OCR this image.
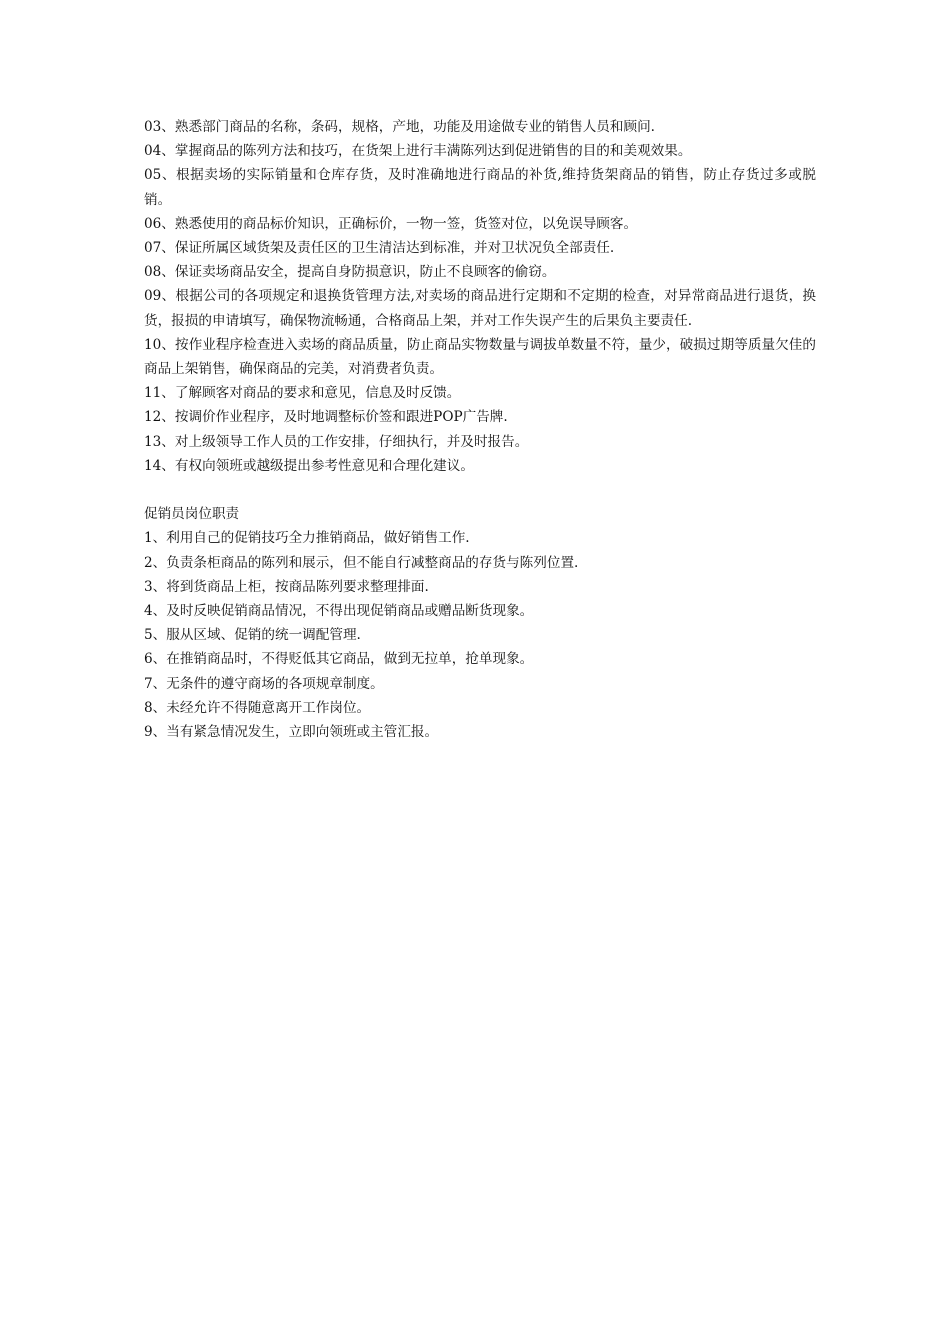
03、熟悉部门商品的名称，条码，规格，产地，功能及用途做专业的销售人员和顾问.

04、掌握商品的陈列方法和技巧，在货架上进行丰满陈列达到促进销售的目的和美观效果。

05、根据卖场的实际销量和仓库存货，及时准确地进行商品的补货,维持货架商品的销售，防止存货过多或脱销。

06、熟悉使用的商品标价知识，正确标价，一物一签，货签对位，以免误导顾客。

07、保证所属区域货架及责任区的卫生清洁达到标准，并对卫状况负全部责任.

08、保证卖场商品安全，提高自身防损意识，防止不良顾客的偷窃。

09、根据公司的各项规定和退换货管理方法,对卖场的商品进行定期和不定期的检查，对异常商品进行退货，换货，报损的申请填写，确保物流畅通，合格商品上架，并对工作失误产生的后果负主要责任.

10、按作业程序检查进入卖场的商品质量，防止商品实物数量与调拔单数量不符，量少，破损过期等质量欠佳的商品上架销售，确保商品的完美，对消费者负责。

11、了解顾客对商品的要求和意见，信息及时反馈。

12、按调价作业程序，及时地调整标价签和跟进POP广告牌.

13、对上级领导工作人员的工作安排，仔细执行，并及时报告。

14、有权向领班或越级提出参考性意见和合理化建议。

促销员岗位职责

1、利用自己的促销技巧全力推销商品，做好销售工作.

2、负责条柜商品的陈列和展示，但不能自行减整商品的存货与陈列位置.

3、将到货商品上柜，按商品陈列要求整理排面.

4、及时反映促销商品情况，不得出现促销商品或赠品断货现象。

5、服从区域、促销的统一调配管理.

6、在推销商品时，不得贬低其它商品，做到无拉单，抢单现象。

7、无条件的遵守商场的各项规章制度。

8、未经允许不得随意离开工作岗位。

9、当有紧急情况发生，立即向领班或主管汇报。
